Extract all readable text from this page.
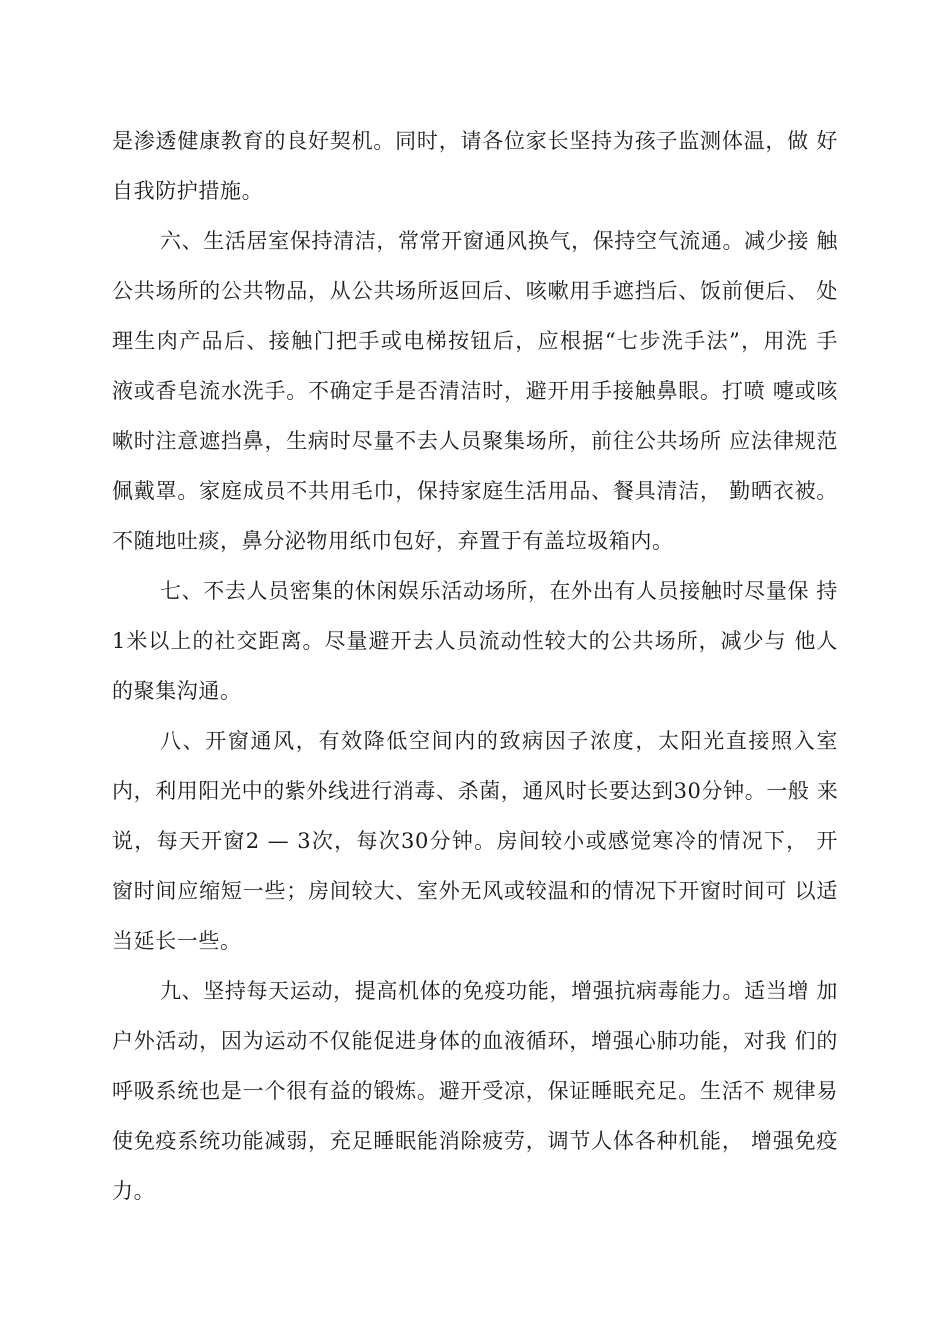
是渗透健康教育的良好契机。同时，请各位家长坚持为孩子监测体温，做 好
自我防护措施。
六、生活居室保持清洁，常常开窗通风换气，保持空气流通。减少接 触
公共场所的公共物品，从公共场所返回后、咳嗽用手遮挡后、饭前便后、 处
理生肉产品后、接触门把手或电梯按钮后，应根据“七步洗手法”，用洗 手
液或香皂流水洗手。不确定手是否清洁时，避开用手接触鼻眼。打喷 嚏或咳
嗽时注意遮挡鼻，生病时尽量不去人员聚集场所，前往公共场所 应法律规范
佩戴罩。家庭成员不共用毛巾，保持家庭生活用品、餐具清洁， 勤晒衣被。
不随地吐痰，鼻分泌物用纸巾包好，弃置于有盖垃圾箱内。
七、不去人员密集的休闲娱乐活动场所，在外出有人员接触时尽量保 持
1米以上的社交距离。尽量避开去人员流动性较大的公共场所，减少与 他人
的聚集沟通。
八、开窗通风，有效降低空间内的致病因子浓度，太阳光直接照入室
内，利用阳光中的紫外线进行消毒、杀菌，通风时长要达到30分钟。一般 来
说，每天开窗2 — 3次，每次30分钟。房间较小或感觉寒冷的情况下， 开
窗时间应缩短一些；房间较大、室外无风或较温和的情况下开窗时间可 以适
当延长一些。
九、坚持每天运动，提高机体的免疫功能，增强抗病毒能力。适当增 加
户外活动，因为运动不仅能促进身体的血液循环，增强心肺功能，对我 们的
呼吸系统也是一个很有益的锻炼。避开受凉，保证睡眠充足。生活不 规律易
使免疫系统功能减弱，充足睡眠能消除疲劳，调节人体各种机能， 增强免疫
力。
